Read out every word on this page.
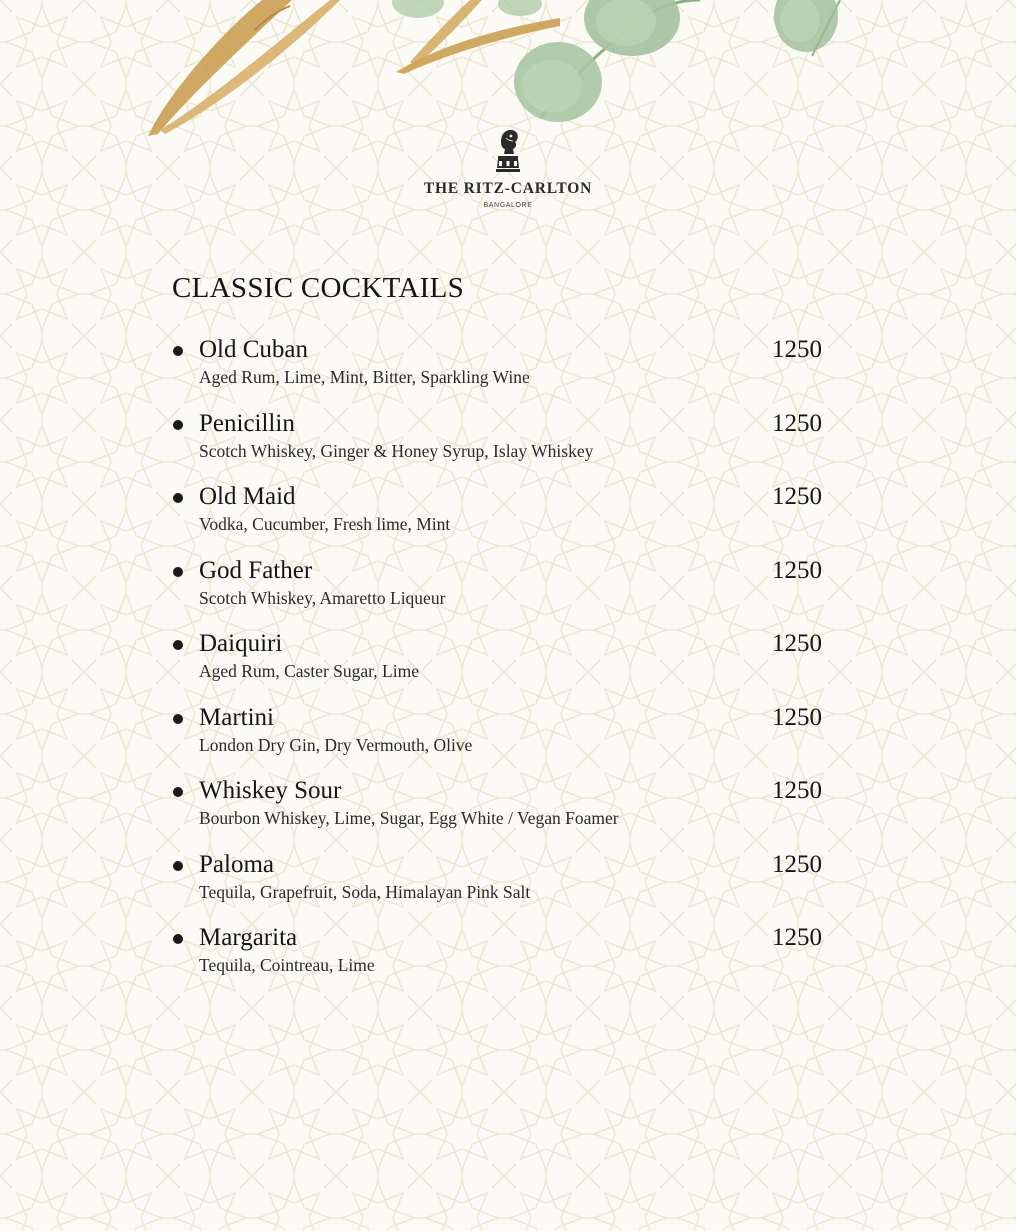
THE RITZ-CARLTON
BANGALORE
CLASSIC COCKTAILS
Old Cuban
Aged Rum, Lime, Mint, Bitter, Sparkling Wine
1250
Penicillin
Scotch Whiskey, Ginger & Honey Syrup, Islay Whiskey
1250
Old Maid
Vodka, Cucumber, Fresh lime, Mint
1250
God Father
Scotch Whiskey, Amaretto Liqueur
1250
Daiquiri
Aged Rum, Caster Sugar, Lime
1250
Martini
London Dry Gin, Dry Vermouth, Olive
1250
Whiskey Sour
Bourbon Whiskey, Lime, Sugar, Egg White / Vegan Foamer
1250
Paloma
Tequila, Grapefruit, Soda, Himalayan Pink Salt
1250
Margarita
Tequila, Cointreau, Lime
1250
